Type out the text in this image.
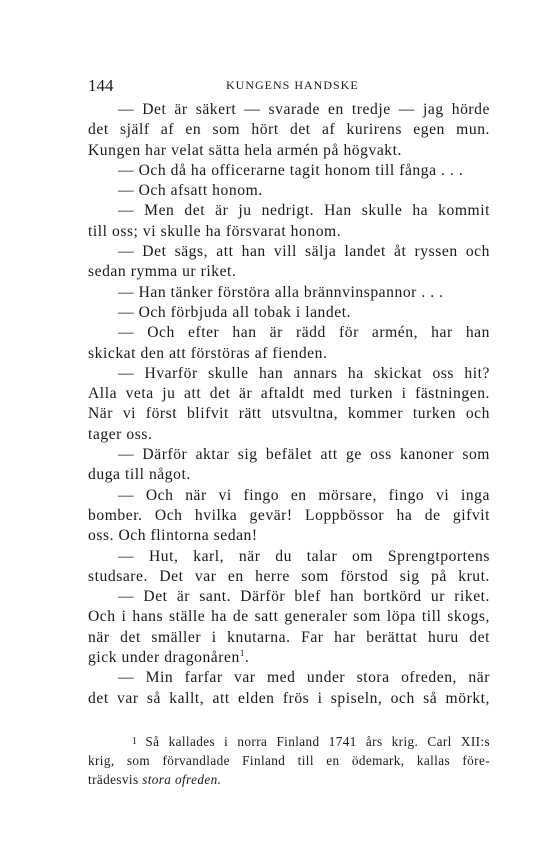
144	KUNGENS HANDSKE
— Det är säkert — svarade en tredje — jag hörde
det själf af en som hört det af kurirens egen mun.
Kungen har velat sätta hela armén på högvakt.
— Och då ha officerarne tagit honom till fånga . . .
— Och afsatt honom.
— Men det är ju nedrigt. Han skulle ha kommit
till oss; vi skulle ha försvarat honom.
— Det sägs, att han vill sälja landet åt ryssen och
sedan rymma ur riket.
— Han tänker förstöra alla brännvinspannor . . .
— Och förbjuda all tobak i landet.
— Och efter han är rädd för armén, har han
skickat den att förstöras af fienden.
— Hvarför skulle han annars ha skickat oss hit?
Alla veta ju att det är aftaldt med turken i fästningen.
När vi först blifvit rätt utsvultna, kommer turken och
tager oss.
— Därför aktar sig befälet att ge oss kanoner som
duga till något.
— Och när vi fingo en mörsare, fingo vi inga
bomber. Och hvilka gevär! Loppbössor ha de gifvit
oss. Och flintorna sedan!
— Hut, karl, när du talar om Sprengtportens
studsare. Det var en herre som förstod sig på krut.
— Det är sant. Därför blef han bortkörd ur riket.
Och i hans ställe ha de satt generaler som löpa till skogs,
när det smäller i knutarna. Far har berättat huru det
gick under dragonåren$^1$.
— Min farfar var med under stora ofreden, när
det var så kallt, att elden frös i spiseln, och så mörkt,
1 Så kallades i norra Finland 1741 års krig. Carl XII:s
krig, som förvandlade Finland till en ödemark, kallas före-
trädesvis stora ofreden.
